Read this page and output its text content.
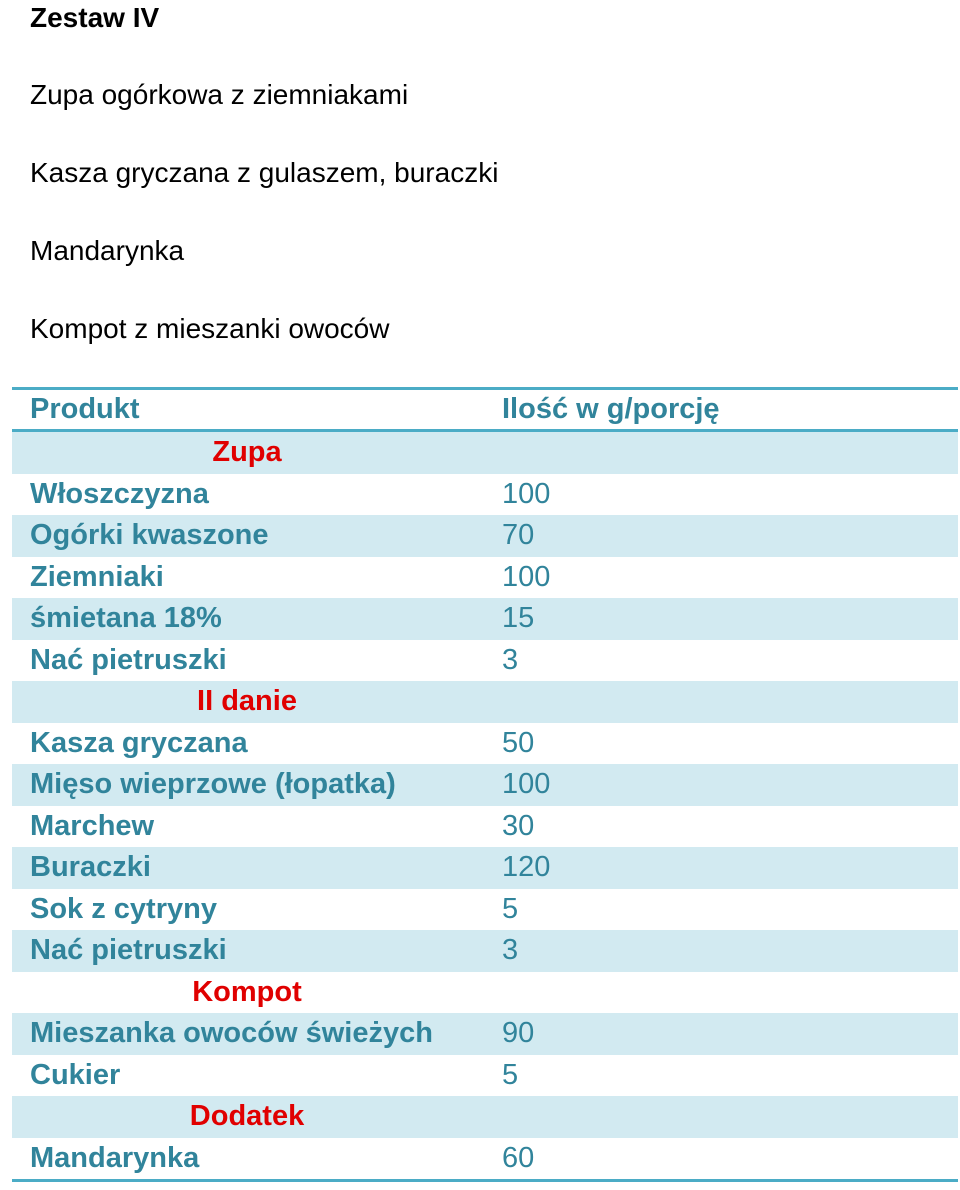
Zestaw IV

Zupa ogórkowa z ziemniakami

Kasza gryczana z gulaszem, buraczki

Mandarynka

Kompot z mieszanki owoców

Produkt	Ilość w g/porcję
Zupa
Włoszczyzna	100
Ogórki kwaszone	70
Ziemniaki	100
śmietana 18%	15
Nać pietruszki	3
II danie
Kasza gryczana	50
Mięso wieprzowe (łopatka)	100
Marchew	30
Buraczki	120
Sok z cytryny	5
Nać pietruszki	3
Kompot
Mieszanka owoców świeżych	90
Cukier	5
Dodatek
Mandarynka	60
